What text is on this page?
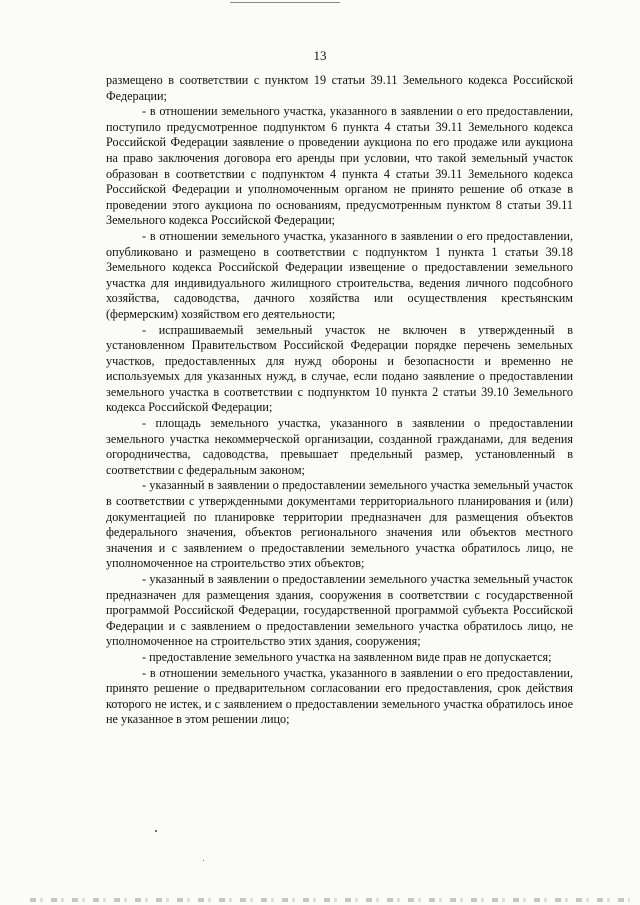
13

размещено в соответствии с пунктом 19 статьи 39.11 Земельного кодекса Российской Федерации;

- в отношении земельного участка, указанного в заявлении о его предоставлении, поступило предусмотренное подпунктом 6 пункта 4 статьи 39.11 Земельного кодекса Российской Федерации заявление о проведении аукциона по его продаже или аукциона на право заключения договора его аренды при условии, что такой земельный участок образован в соответствии с подпунктом 4 пункта 4 статьи 39.11 Земельного кодекса Российской Федерации и уполномоченным органом не принято решение об отказе в проведении этого аукциона по основаниям, предусмотренным пунктом 8 статьи 39.11 Земельного кодекса Российской Федерации;

- в отношении земельного участка, указанного в заявлении о его предоставлении, опубликовано и размещено в соответствии с подпунктом 1 пункта 1 статьи 39.18 Земельного кодекса Российской Федерации извещение о предоставлении земельного участка для индивидуального жилищного строительства, ведения личного подсобного хозяйства, садоводства, дачного хозяйства или осуществления крестьянским (фермерским) хозяйством его деятельности;

- испрашиваемый земельный участок не включен в утвержденный в установленном Правительством Российской Федерации порядке перечень земельных участков, предоставленных для нужд обороны и безопасности и временно не используемых для указанных нужд, в случае, если подано заявление о предоставлении земельного участка в соответствии с подпунктом 10 пункта 2 статьи 39.10 Земельного кодекса Российской Федерации;

- площадь земельного участка, указанного в заявлении о предоставлении земельного участка некоммерческой организации, созданной гражданами, для ведения огородничества, садоводства, превышает предельный размер, установленный в соответствии с федеральным законом;

- указанный в заявлении о предоставлении земельного участка земельный участок в соответствии с утвержденными документами территориального планирования и (или) документацией по планировке территории предназначен для размещения объектов федерального значения, объектов регионального значения или объектов местного значения и с заявлением о предоставлении земельного участка обратилось лицо, не уполномоченное на строительство этих объектов;

- указанный в заявлении о предоставлении земельного участка земельный участок предназначен для размещения здания, сооружения в соответствии с государственной программой Российской Федерации, государственной программой субъекта Российской Федерации и с заявлением о предоставлении земельного участка обратилось лицо, не уполномоченное на строительство этих здания, сооружения;

- предоставление земельного участка на заявленном виде прав не допускается;

- в отношении земельного участка, указанного в заявлении о его предоставлении, принято решение о предварительном согласовании его предоставления, срок действия которого не истек, и с заявлением о предоставлении земельного участка обратилось иное не указанное в этом решении лицо;
